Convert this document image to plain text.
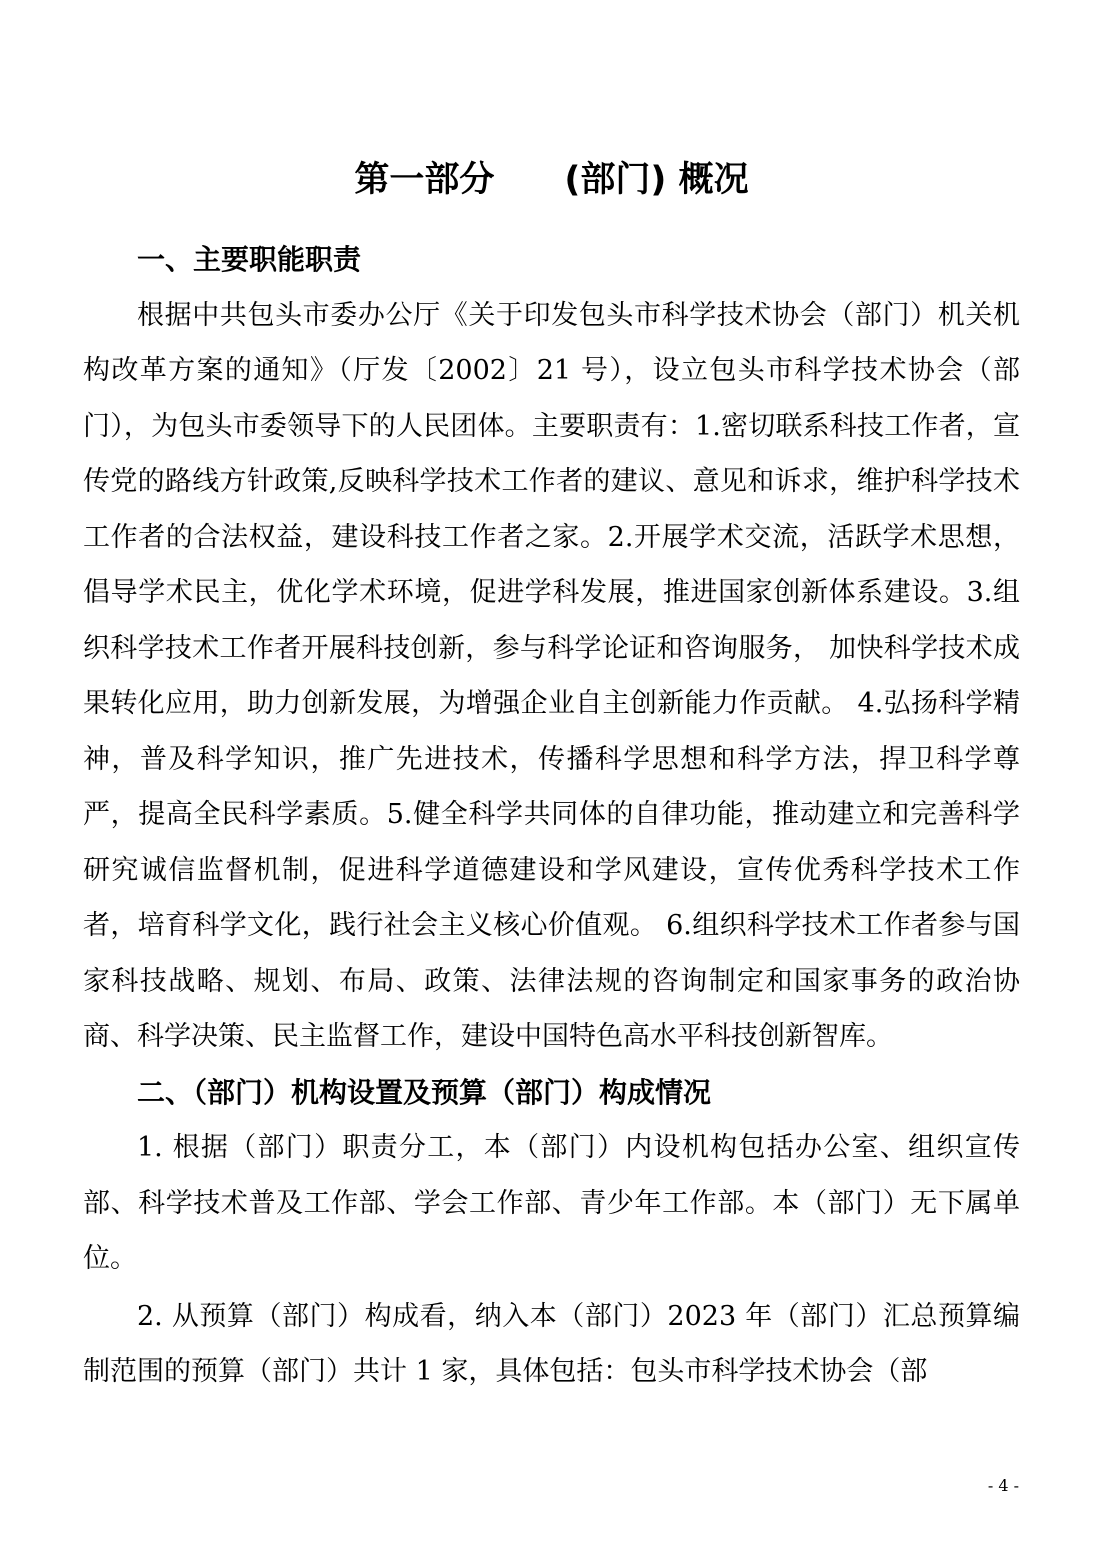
第一部分　　(部门) 概况
一、主要职能职责

根据中共包头市委办公厅《关于印发包头市科学技术协会（部门）机关机构改革方案的通知》（厅发〔2002〕21 号），设立包头市科学技术协会（部门），为包头市委领导下的人民团体。主要职责有：1.密切联系科技工作者，宣传党的路线方针政策,反映科学技术工作者的建议、意见和诉求，维护科学技术工作者的合法权益，建设科技工作者之家。2.开展学术交流，活跃学术思想，倡导学术民主，优化学术环境，促进学科发展，推进国家创新体系建设。3.组织科学技术工作者开展科技创新，参与科学论证和咨询服务， 加快科学技术成果转化应用，助力创新发展，为增强企业自主创新能力作贡献。 4.弘扬科学精神，普及科学知识，推广先进技术，传播科学思想和科学方法，捍卫科学尊严，提高全民科学素质。5.健全科学共同体的自律功能，推动建立和完善科学研究诚信监督机制，促进科学道德建设和学风建设，宣传优秀科学技术工作者，培育科学文化，践行社会主义核心价值观。 6.组织科学技术工作者参与国家科技战略、规划、布局、政策、法律法规的咨询制定和国家事务的政治协商、科学决策、民主监督工作，建设中国特色高水平科技创新智库。

二、（部门）机构设置及预算（部门）构成情况

1. 根据（部门）职责分工，本（部门）内设机构包括办公室、组织宣传部、科学技术普及工作部、学会工作部、青少年工作部。本（部门）无下属单位。

2. 从预算（部门）构成看，纳入本（部门）2023 年（部门）汇总预算编制范围的预算（部门）共计 1 家，具体包括：包头市科学技术协会（部

- 4 -
